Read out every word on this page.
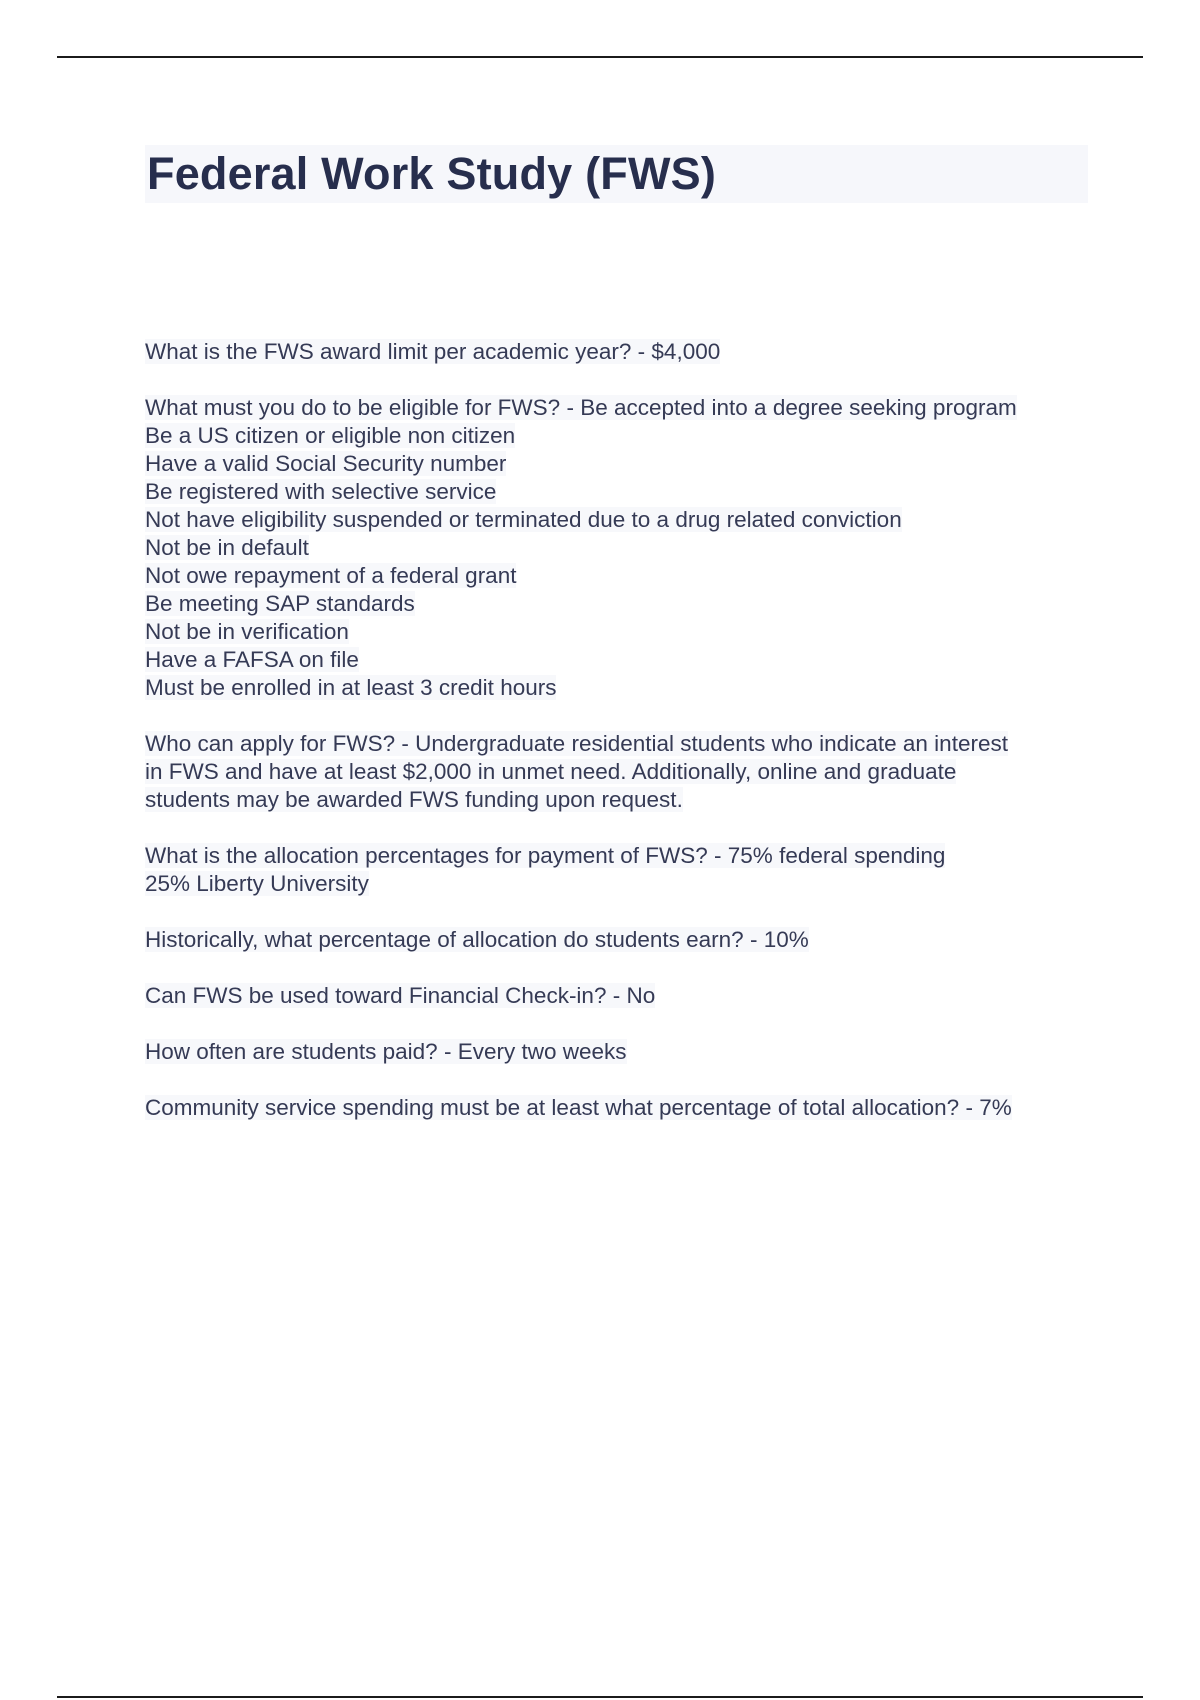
Federal Work Study (FWS)
What is the FWS award limit per academic year? - $4,000
What must you do to be eligible for FWS? - Be accepted into a degree seeking program
Be a US citizen or eligible non citizen
Have a valid Social Security number
Be registered with selective service
Not have eligibility suspended or terminated due to a drug related conviction
Not be in default
Not owe repayment of a federal grant
Be meeting SAP standards
Not be in verification
Have a FAFSA on file
Must be enrolled in at least 3 credit hours
Who can apply for FWS? - Undergraduate residential students who indicate an interest
in FWS and have at least $2,000 in unmet need. Additionally, online and graduate
students may be awarded FWS funding upon request.
What is the allocation percentages for payment of FWS? - 75% federal spending
25% Liberty University
Historically, what percentage of allocation do students earn? - 10%
Can FWS be used toward Financial Check-in? - No
How often are students paid? - Every two weeks
Community service spending must be at least what percentage of total allocation? - 7%
